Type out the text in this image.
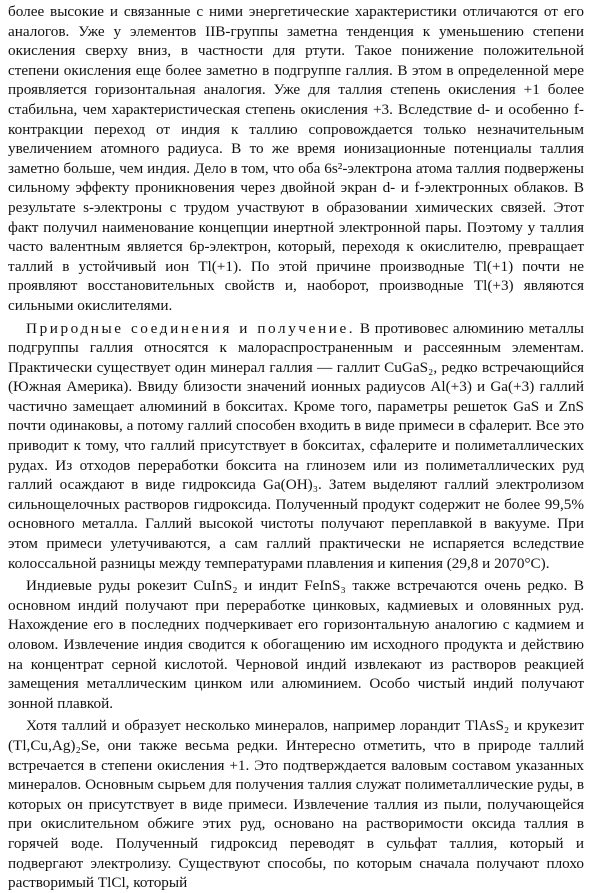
более высокие и связанные с ними энергетические характеристики отличаются от его аналогов. Уже у элементов IIB-группы заметна тенденция к уменьшению степени окисления сверху вниз, в частности для ртути. Такое понижение положительной степени окисления еще более заметно в подгруппе галлия. В этом в определенной мере проявляется горизонтальная аналогия. Уже для таллия степень окисления +1 более стабильна, чем характеристическая степень окисления +3. Вследствие d- и особенно f-контракции переход от индия к таллию сопровождается только незначительным увеличением атомного радиуса. В то же время ионизационные потенциалы таллия заметно больше, чем индия. Дело в том, что оба 6s²-электрона атома таллия подвержены сильному эффекту проникновения через двойной экран d- и f-электронных облаков. В результате s-электроны с трудом участвуют в образовании химических связей. Этот факт получил наименование концепции инертной электронной пары. Поэтому у таллия часто валентным является 6p-электрон, который, переходя к окислителю, превращает таллий в устойчивый ион Tl(+1). По этой причине производные Tl(+1) почти не проявляют восстановительных свойств и, наоборот, производные Tl(+3) являются сильными окислителями.

Природные соединения и получение. В противовес алюминию металлы подгруппы галлия относятся к малораспространенным и рассеянным элементам. Практически существует один минерал галлия — галлит CuGaS₂, редко встречающийся (Южная Америка). Ввиду близости значений ионных радиусов Al(+3) и Ga(+3) галлий частично замещает алюминий в бокситах. Кроме того, параметры решеток GaS и ZnS почти одинаковы, а потому галлий способен входить в виде примеси в сфалерит. Все это приводит к тому, что галлий присутствует в бокситах, сфалерите и полиметаллических рудах. Из отходов переработки боксита на глинозем или из полиметаллических руд галлий осаждают в виде гидроксида Ga(OH)₃. Затем выделяют галлий электролизом сильнощелочных растворов гидроксида. Полученный продукт содержит не более 99,5% основного металла. Галлий высокой чистоты получают переплавкой в вакууме. При этом примеси улетучиваются, а сам галлий практически не испаряется вследствие колоссальной разницы между температурами плавления и кипения (29,8 и 2070°С).

Индиевые руды рокезит CuInS₂ и индит FeInS₃ также встречаются очень редко. В основном индий получают при переработке цинковых, кадмиевых и оловянных руд. Нахождение его в последних подчеркивает его горизонтальную аналогию с кадмием и оловом. Извлечение индия сводится к обогащению им исходного продукта и действию на концентрат серной кислотой. Черновой индий извлекают из растворов реакцией замещения металлическим цинком или алюминием. Особо чистый индий получают зонной плавкой.

Хотя таллий и образует несколько минералов, например лорандит TlAsS₂ и крукезит (Tl,Cu,Ag)₂Se, они также весьма редки. Интересно отметить, что в природе таллий встречается в степени окисления +1. Это подтверждается валовым составом указанных минералов. Основным сырьем для получения таллия служат полиметаллические руды, в которых он присутствует в виде примеси. Извлечение таллия из пыли, получающейся при окислительном обжиге этих руд, основано на растворимости оксида таллия в горячей воде. Полученный гидроксид переводят в сульфат таллия, который и подвергают электролизу. Существуют способы, по которым сначала получают плохо растворимый TlCl, который
